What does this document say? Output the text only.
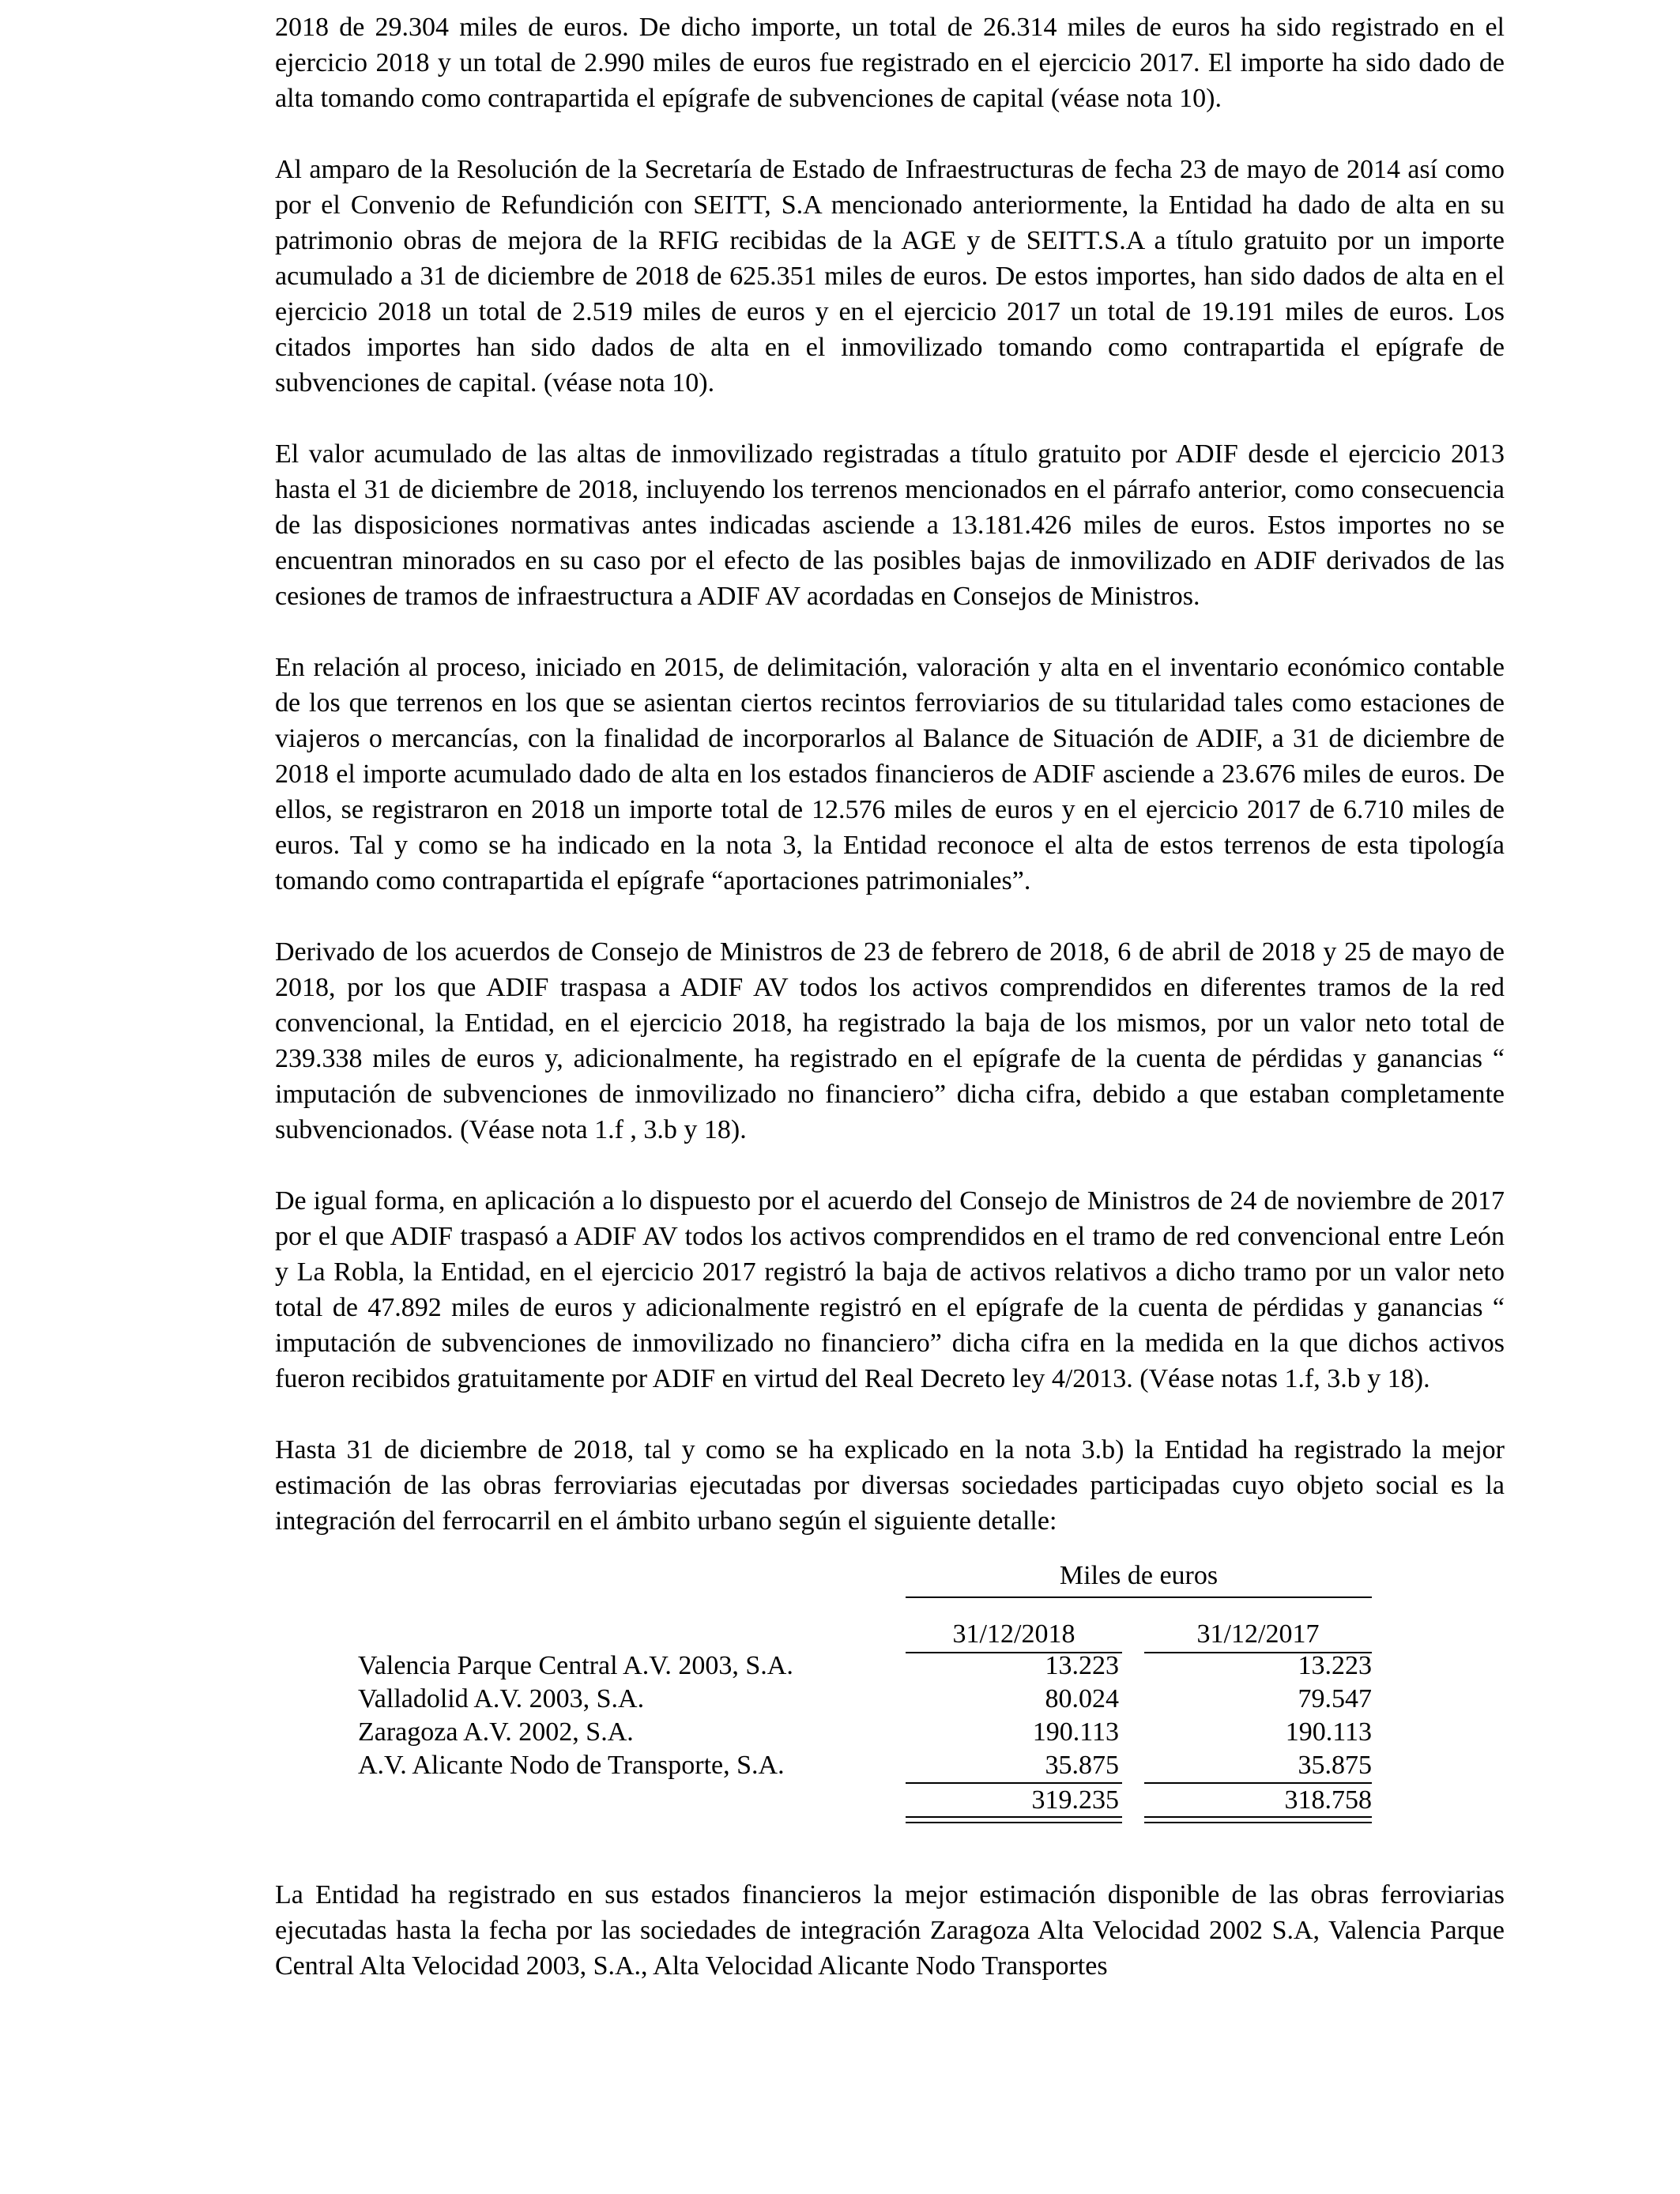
2018 de 29.304 miles de euros. De dicho importe, un total de 26.314 miles de euros ha sido registrado en el ejercicio 2018 y un total de 2.990 miles de euros fue registrado en el ejercicio 2017. El importe ha sido dado de alta tomando como contrapartida el epígrafe de subvenciones de capital (véase nota 10).

Al amparo de la Resolución de la Secretaría de Estado de Infraestructuras de fecha 23 de mayo de 2014 así como por el Convenio de Refundición con SEITT, S.A mencionado anteriormente, la Entidad ha dado de alta en su patrimonio obras de mejora de la RFIG recibidas de la AGE y de SEITT.S.A a título gratuito por un importe acumulado a 31 de diciembre de 2018 de 625.351 miles de euros. De estos importes, han sido dados de alta en el ejercicio 2018 un total de 2.519 miles de euros y en el ejercicio 2017 un total de 19.191 miles de euros. Los citados importes han sido dados de alta en el inmovilizado tomando como contrapartida el epígrafe de subvenciones de capital. (véase nota 10).

El valor acumulado de las altas de inmovilizado registradas a título gratuito por ADIF desde el ejercicio 2013 hasta el 31 de diciembre de 2018, incluyendo los terrenos mencionados en el párrafo anterior, como consecuencia de las disposiciones normativas antes indicadas asciende a 13.181.426 miles de euros. Estos importes no se encuentran minorados en su caso por el efecto de las posibles bajas de inmovilizado en ADIF derivados de las cesiones de tramos de infraestructura a ADIF AV acordadas en Consejos de Ministros.

En relación al proceso, iniciado en 2015, de delimitación, valoración y alta en el inventario económico contable de los que terrenos en los que se asientan ciertos recintos ferroviarios de su titularidad tales como estaciones de viajeros o mercancías, con la finalidad de incorporarlos al Balance de Situación de ADIF, a 31 de diciembre de 2018 el importe acumulado dado de alta en los estados financieros de ADIF asciende a 23.676 miles de euros. De ellos, se registraron en 2018 un importe total de 12.576 miles de euros y en el ejercicio 2017 de 6.710 miles de euros. Tal y como se ha indicado en la nota 3, la Entidad reconoce el alta de estos terrenos de esta tipología tomando como contrapartida el epígrafe “aportaciones patrimoniales”.

Derivado de los acuerdos de Consejo de Ministros de 23 de febrero de 2018, 6 de abril de 2018 y 25 de mayo de 2018, por los que ADIF traspasa a ADIF AV todos los activos comprendidos en diferentes tramos de la red convencional, la Entidad, en el ejercicio 2018, ha registrado la baja de los mismos, por un valor neto total de 239.338 miles de euros y, adicionalmente, ha registrado en el epígrafe de la cuenta de pérdidas y ganancias “ imputación de subvenciones de inmovilizado no financiero” dicha cifra, debido a que estaban completamente subvencionados. (Véase nota 1.f , 3.b y 18).

De igual forma, en aplicación a lo dispuesto por el acuerdo del Consejo de Ministros de 24 de noviembre de 2017 por el que ADIF traspasó a ADIF AV todos los activos comprendidos en el tramo de red convencional entre León y La Robla, la Entidad, en el ejercicio 2017 registró la baja de activos relativos a dicho tramo por un valor neto total de 47.892 miles de euros y adicionalmente registró en el epígrafe de la cuenta de pérdidas y ganancias “ imputación de subvenciones de inmovilizado no financiero” dicha cifra en la medida en la que dichos activos fueron recibidos gratuitamente por ADIF en virtud del Real Decreto ley 4/2013. (Véase notas 1.f, 3.b y 18).

Hasta 31 de diciembre de 2018, tal y como se ha explicado en la nota 3.b) la Entidad ha registrado la mejor estimación de las obras ferroviarias ejecutadas por diversas sociedades participadas cuyo objeto social es la integración del ferrocarril en el ámbito urbano según el siguiente detalle:

Miles de euros
31/12/2018	31/12/2017
Valencia Parque Central A.V. 2003, S.A.	13.223	13.223
Valladolid A.V. 2003, S.A.	80.024	79.547
Zaragoza A.V. 2002, S.A.	190.113	190.113
A.V. Alicante Nodo de Transporte, S.A.	35.875	35.875
319.235	318.758

La Entidad ha registrado en sus estados financieros la mejor estimación disponible de las obras ferroviarias ejecutadas hasta la fecha por las sociedades de integración Zaragoza Alta Velocidad 2002 S.A, Valencia Parque Central Alta Velocidad 2003, S.A., Alta Velocidad Alicante Nodo Transportes
